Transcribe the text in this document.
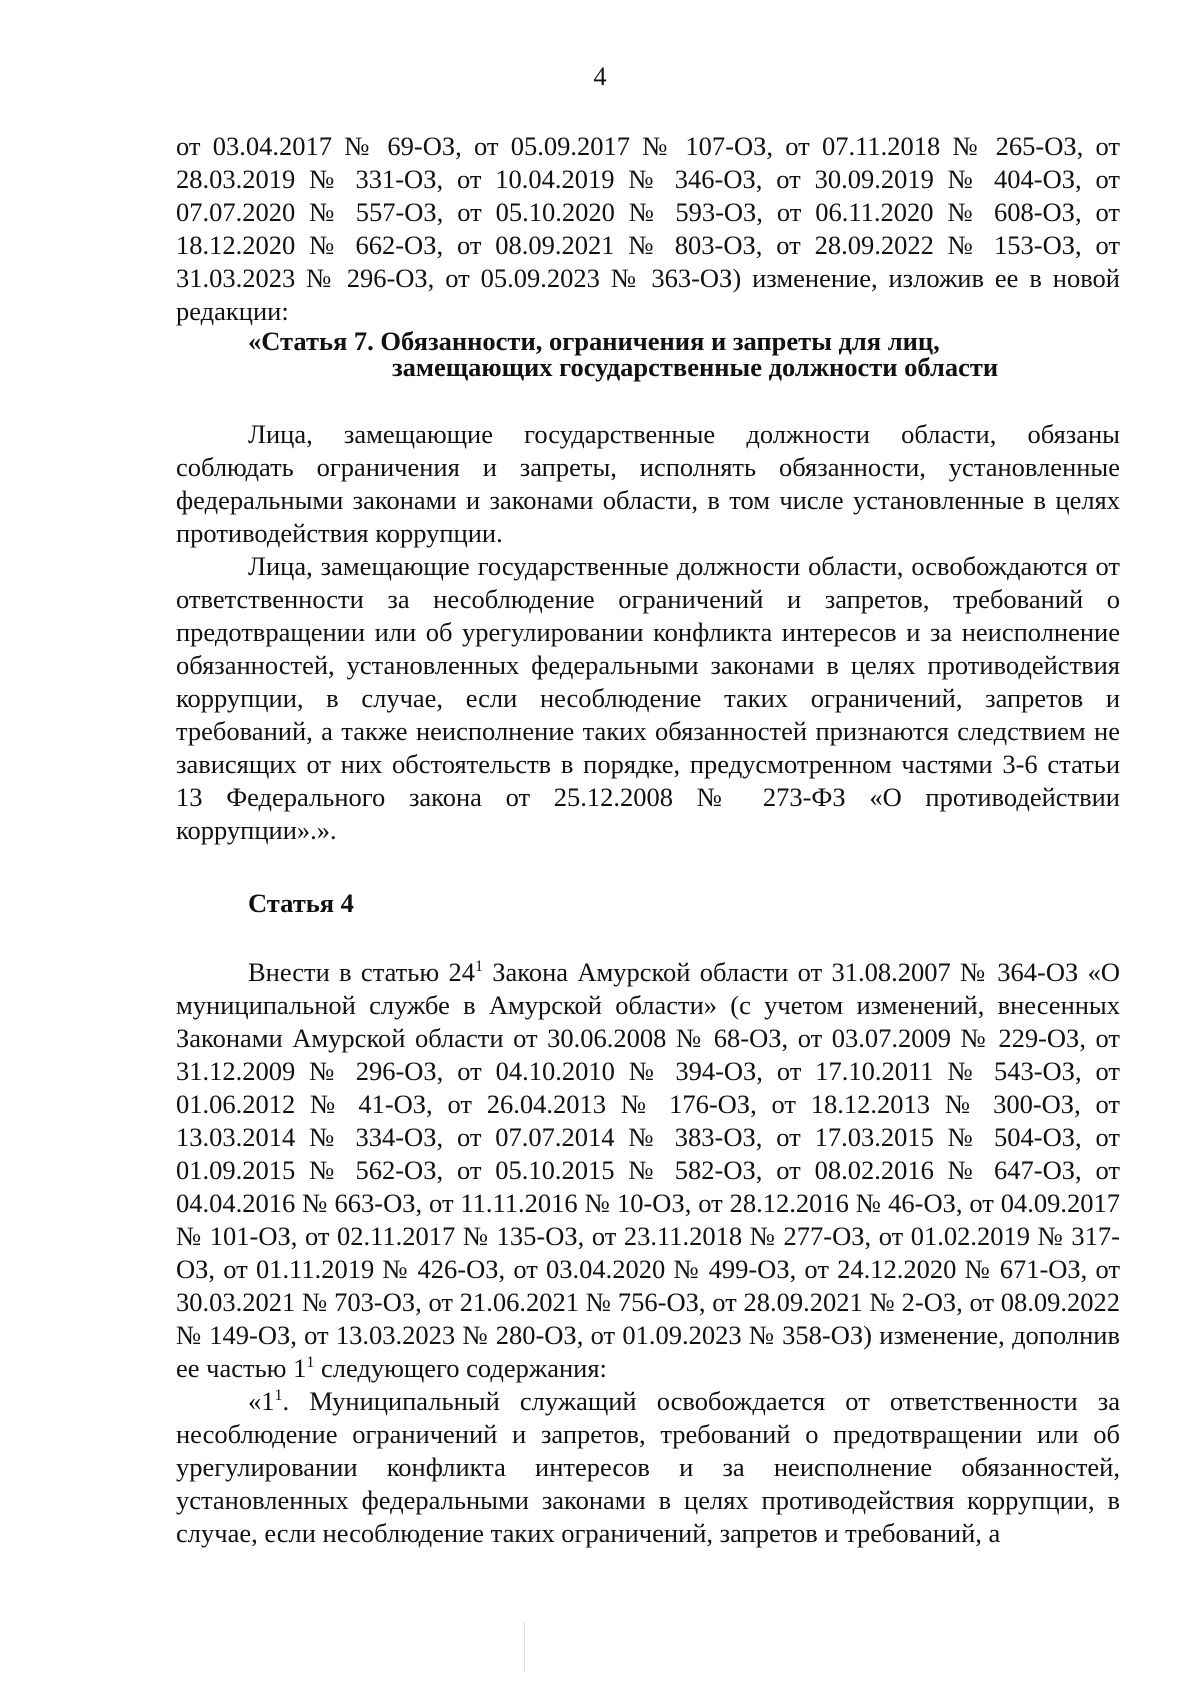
4

от 03.04.2017 № 69-ОЗ, от 05.09.2017 № 107-ОЗ, от 07.11.2018 № 265-ОЗ, от 28.03.2019 № 331-ОЗ, от 10.04.2019 № 346-ОЗ, от 30.09.2019 № 404-ОЗ, от 07.07.2020 № 557-ОЗ, от 05.10.2020 № 593-ОЗ, от 06.11.2020 № 608-ОЗ, от 18.12.2020 № 662-ОЗ, от 08.09.2021 № 803-ОЗ, от 28.09.2022 № 153-ОЗ, от 31.03.2023 № 296-ОЗ, от 05.09.2023 № 363-ОЗ) изменение, изложив ее в новой редакции:

«Статья 7. Обязанности, ограничения и запреты для лиц,
замещающих государственные должности области

Лица, замещающие государственные должности области, обязаны соблюдать ограничения и запреты, исполнять обязанности, установленные федеральными законами и законами области, в том числе установленные в целях противодействия коррупции.

Лица, замещающие государственные должности области, освобождаются от ответственности за несоблюдение ограничений и запретов, требований о предотвращении или об урегулировании конфликта интересов и за неисполнение обязанностей, установленных федеральными законами в целях противодействия коррупции, в случае, если несоблюдение таких ограничений, запретов и требований, а также неисполнение таких обязанностей признаются следствием не зависящих от них обстоятельств в порядке, предусмотренном частями 3-6 статьи 13 Федерального закона от 25.12.2008 № 273-ФЗ «О противодействии коррупции».».

Статья 4

Внести в статью $24^1$ Закона Амурской области от 31.08.2007 № 364-ОЗ «О муниципальной службе в Амурской области» (с учетом изменений, внесенных Законами Амурской области от 30.06.2008 № 68-ОЗ, от 03.07.2009 № 229-ОЗ, от 31.12.2009 № 296-ОЗ, от 04.10.2010 № 394-ОЗ, от 17.10.2011 № 543-ОЗ, от 01.06.2012 № 41-ОЗ, от 26.04.2013 № 176-ОЗ, от 18.12.2013 № 300-ОЗ, от 13.03.2014 № 334-ОЗ, от 07.07.2014 № 383-ОЗ, от 17.03.2015 № 504-ОЗ, от 01.09.2015 № 562-ОЗ, от 05.10.2015 № 582-ОЗ, от 08.02.2016 № 647-ОЗ, от 04.04.2016 № 663-ОЗ, от 11.11.2016 № 10-ОЗ, от 28.12.2016 № 46-ОЗ, от 04.09.2017 № 101-ОЗ, от 02.11.2017 № 135-ОЗ, от 23.11.2018 № 277-ОЗ, от 01.02.2019 № 317-ОЗ, от 01.11.2019 № 426-ОЗ, от 03.04.2020 № 499-ОЗ, от 24.12.2020 № 671-ОЗ, от 30.03.2021 № 703-ОЗ, от 21.06.2021 № 756-ОЗ, от 28.09.2021 № 2-ОЗ, от 08.09.2022 № 149-ОЗ, от 13.03.2023 № 280-ОЗ, от 01.09.2023 № 358-ОЗ) изменение, дополнив ее частью $1^1$ следующего содержания:

«$1^1$. Муниципальный служащий освобождается от ответственности за несоблюдение ограничений и запретов, требований о предотвращении или об урегулировании конфликта интересов и за неисполнение обязанностей, установленных федеральными законами в целях противодействия коррупции, в случае, если несоблюдение таких ограничений, запретов и требований, а
